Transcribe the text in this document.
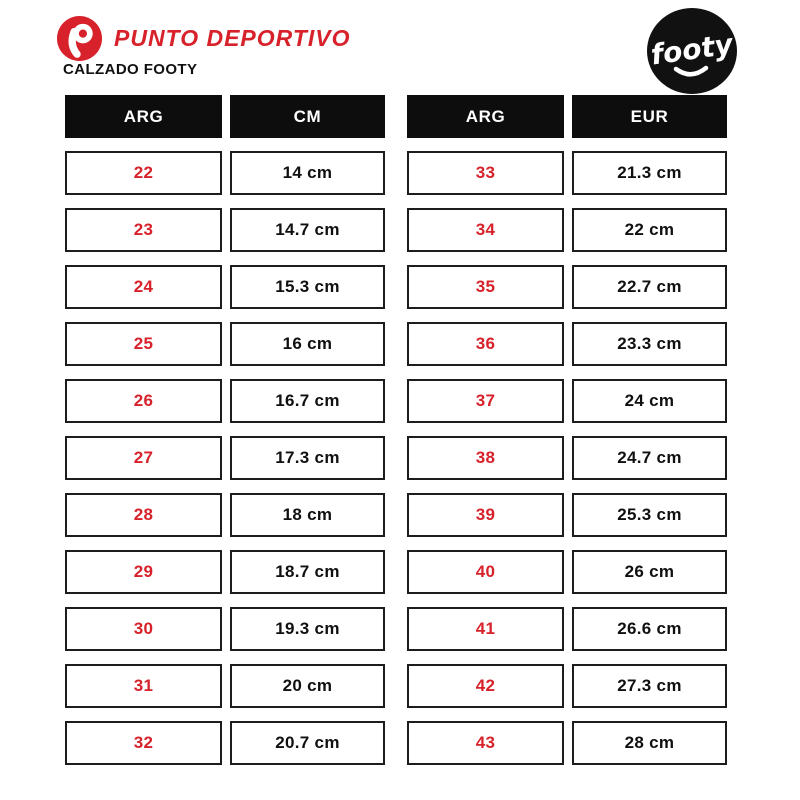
PUNTO DEPORTIVO
CALZADO FOOTY	footy
ARG	CM
22	14 cm
23	14.7 cm
24	15.3 cm
25	16 cm
26	16.7 cm
27	17.3 cm
28	18 cm
29	18.7 cm
30	19.3 cm
31	20 cm
32	20.7 cm
ARG	EUR
33	21.3 cm
34	22 cm
35	22.7 cm
36	23.3 cm
37	24 cm
38	24.7 cm
39	25.3 cm
40	26 cm
41	26.6 cm
42	27.3 cm
43	28 cm
